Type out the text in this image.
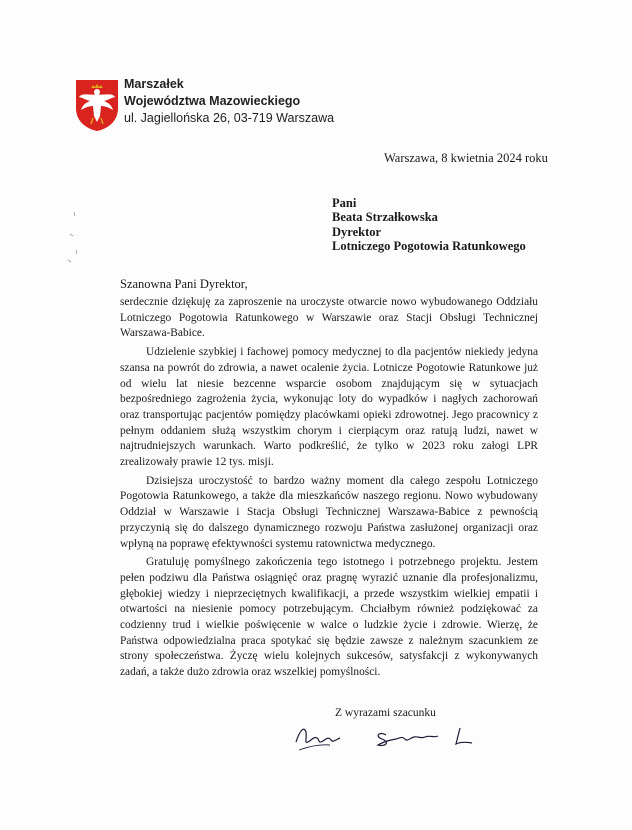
Marszałek
Województwa Mazowieckiego
ul. Jagiellońska 26, 03-719 Warszawa
Warszawa, 8 kwietnia 2024 roku
Pani
Beata Strzałkowska
Dyrektor
Lotniczego Pogotowia Ratunkowego
Szanowna Pani Dyrektor,

serdecznie dziękuję za zaproszenie na uroczyste otwarcie nowo wybudowanego Oddziału Lotniczego Pogotowia Ratunkowego w Warszawie oraz Stacji Obsługi Technicznej Warszawa-Babice.

Udzielenie szybkiej i fachowej pomocy medycznej to dla pacjentów niekiedy jedyna szansa na powrót do zdrowia, a nawet ocalenie życia. Lotnicze Pogotowie Ratunkowe już od wielu lat niesie bezcenne wsparcie osobom znajdującym się w sytuacjach bezpośredniego zagrożenia życia, wykonując loty do wypadków i nagłych zachorowań oraz transportując pacjentów pomiędzy placówkami opieki zdrowotnej. Jego pracownicy z pełnym oddaniem służą wszystkim chorym i cierpiącym oraz ratują ludzi, nawet w najtrudniejszych warunkach. Warto podkreślić, że tylko w 2023 roku załogi LPR zrealizowały prawie 12 tys. misji.

Dzisiejsza uroczystość to bardzo ważny moment dla całego zespołu Lotniczego Pogotowia Ratunkowego, a także dla mieszkańców naszego regionu. Nowo wybudowany Oddział w Warszawie i Stacja Obsługi Technicznej Warszawa-Babice z pewnością przyczynią się do dalszego dynamicznego rozwoju Państwa zasłużonej organizacji oraz wpłyną na poprawę efektywności systemu ratownictwa medycznego.

Gratuluję pomyślnego zakończenia tego istotnego i potrzebnego projektu. Jestem pełen podziwu dla Państwa osiągnięć oraz pragnę wyrazić uznanie dla profesjonalizmu, głębokiej wiedzy i nieprzeciętnych kwalifikacji, a przede wszystkim wielkiej empatii i otwartości na niesienie pomocy potrzebującym. Chciałbym również podziękować za codzienny trud i wielkie poświęcenie w walce o ludzkie życie i zdrowie. Wierzę, że Państwa odpowiedzialna praca spotykać się będzie zawsze z należnym szacunkiem ze strony społeczeństwa. Życzę wielu kolejnych sukcesów, satysfakcji z wykonywanych zadań, a także dużo zdrowia oraz wszelkiej pomyślności.

Z wyrazami szacunku
